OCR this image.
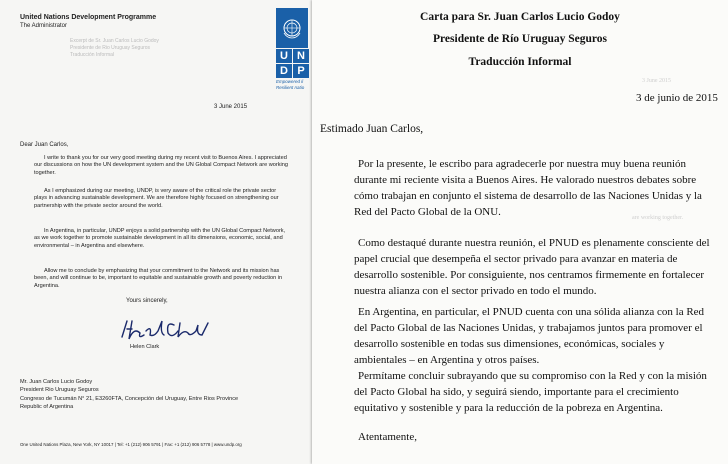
United Nations Development Programme
The Administrator
U N
D P
Empowered li
Resilient natio
Excerpt de Sr. Juan Carlos Lucio Godoy
Presidente de Rio Uruguay Seguros
Traducción Informal
3 June 2015
Dear Juan Carlos,

I write to thank you for our very good meeting during my recent visit to Buenos Aires. I appreciated our discussions on how the UN development system and the UN Global Compact Network are working together.

As I emphasized during our meeting, UNDP, is very aware of the critical role the private sector plays in advancing sustainable development. We are therefore highly focused on strengthening our partnership with the private sector around the world.

In Argentina, in particular, UNDP enjoys a solid partnership with the UN Global Compact Network, as we work together to promote sustainable development in all its dimensions, economic, social, and environmental – in Argentina and elsewhere.

Allow me to conclude by emphasizing that your commitment to the Network and its mission has been, and will continue to be, important to equitable and sustainable growth and poverty reduction in Argentina.

Yours sincerely,
Helen Clark
Mr. Juan Carlos Lucio Godoy
President Rio Uruguay Seguros
Congreso de Tucumán N° 21, E3260FTA, Concepción del Uruguay, Entre Rios Province
Republic of Argentina
One United Nations Plaza, New York, NY 10017 | Tel: +1 (212) 906 5791 | Fax: +1 (212) 906 5778 | www.undp.org
Carta para Sr. Juan Carlos Lucio Godoy
Presidente de Río Uruguay Seguros
Traducción Informal
3 June 2015
are working together.
3 de junio de 2015
Estimado Juan Carlos,

Por la presente, le escribo para agradecerle por nuestra muy buena reunión durante mi reciente visita a Buenos Aires. He valorado nuestros debates sobre cómo trabajan en conjunto el sistema de desarrollo de las Naciones Unidas y la Red del Pacto Global de la ONU.

Como destaqué durante nuestra reunión, el PNUD es plenamente consciente del papel crucial que desempeña el sector privado para avanzar en materia de desarrollo sostenible. Por consiguiente, nos centramos firmemente en fortalecer nuestra alianza con el sector privado en todo el mundo.

En Argentina, en particular, el PNUD cuenta con una sólida alianza con la Red del Pacto Global de las Naciones Unidas, y trabajamos juntos para promover el desarrollo sostenible en todas sus dimensiones, económicas, sociales y ambientales – en Argentina y otros países.

Permítame concluir subrayando que su compromiso con la Red y con la misión del Pacto Global ha sido, y seguirá siendo, importante para el crecimiento equitativo y sostenible y para la reducción de la pobreza en Argentina.

Atentamente,
